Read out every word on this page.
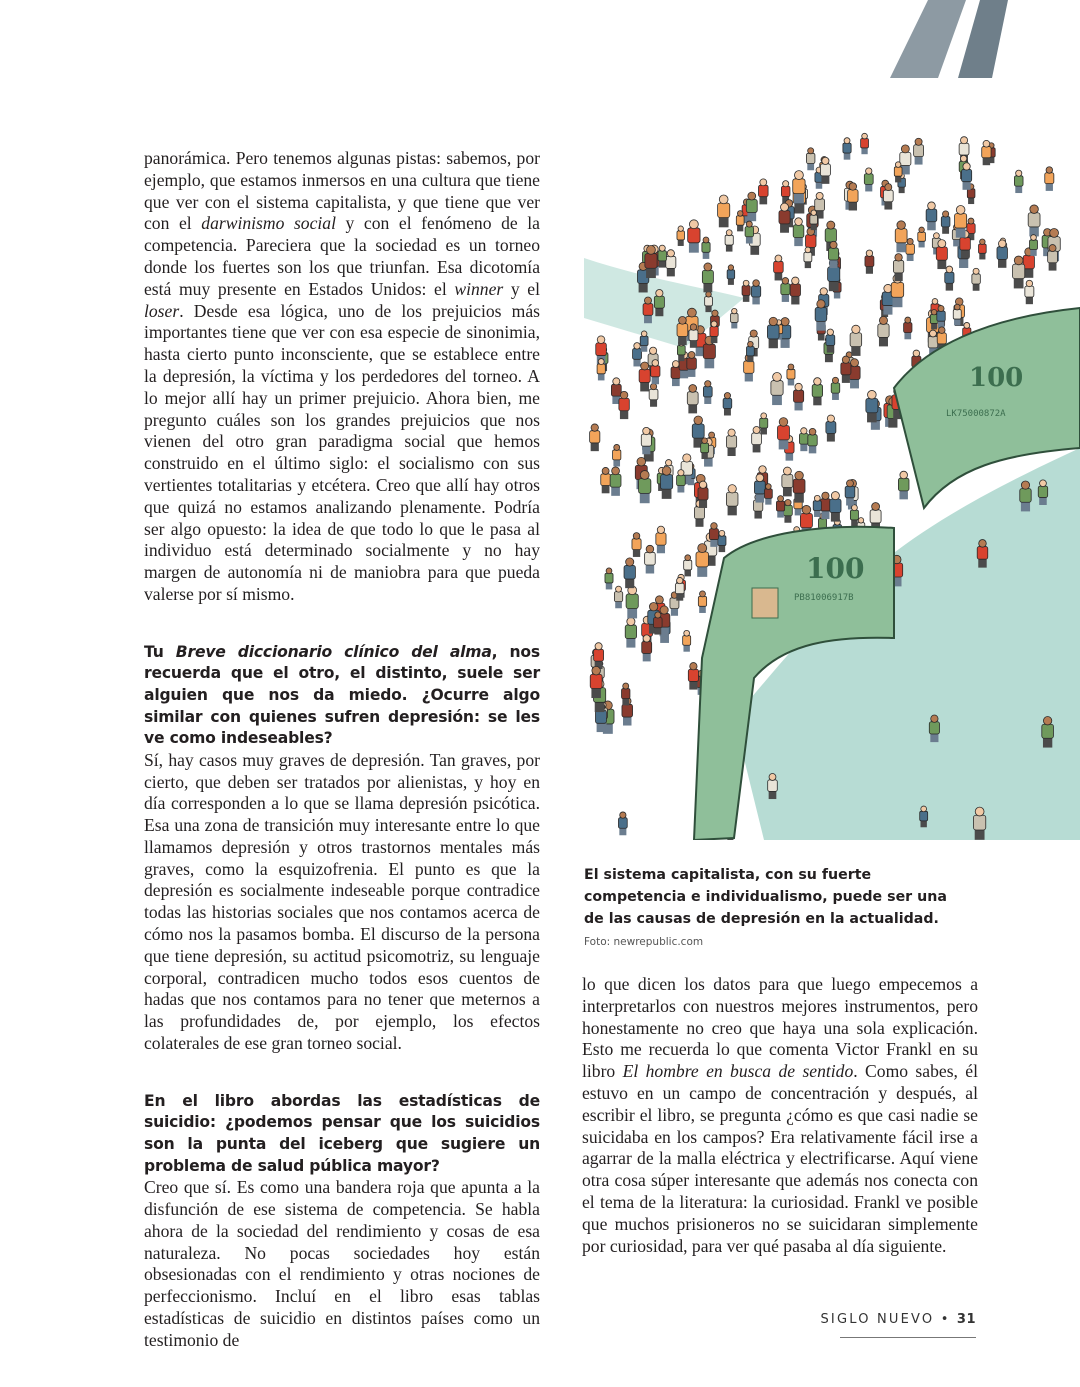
panorámica. Pero tenemos algunas pistas: sabemos, por ejemplo, que estamos inmersos en una cultura que tiene que ver con el sistema capitalista, y que tiene que ver con el darwinismo social y con el fenómeno de la competencia. Pareciera que la sociedad es un torneo donde los fuertes son los que triunfan. Esa dicotomía está muy presente en Estados Unidos: el winner y el loser. Desde esa lógica, uno de los prejuicios más importantes tiene que ver con esa especie de sinonimia, hasta cierto punto inconsciente, que se establece entre la depresión, la víctima y los perdedores del torneo. A lo mejor allí hay un primer prejuicio. Ahora bien, me pregunto cuáles son los grandes prejuicios que nos vienen del otro gran paradigma social que hemos construido en el último siglo: el socialismo con sus vertientes totalitarias y etcétera. Creo que allí hay otros que quizá no estamos analizando plenamente. Podría ser algo opuesto: la idea de que todo lo que le pasa al individuo está determinado socialmente y no hay margen de autonomía ni de maniobra para que pueda valerse por sí mismo.

Tu Breve diccionario clínico del alma, nos recuerda que el otro, el distinto, suele ser alguien que nos da miedo. ¿Ocurre algo similar con quienes sufren depresión: se les ve como indeseables?

Sí, hay casos muy graves de depresión. Tan graves, por cierto, que deben ser tratados por alienistas, y hoy en día corresponden a lo que se llama depresión psicótica. Esa una zona de transición muy interesante entre lo que llamamos depresión y otros trastornos mentales más graves, como la esquizofrenia. El punto es que la depresión es socialmente indeseable porque contradice todas las historias sociales que nos contamos acerca de cómo nos la pasamos bomba. El discurso de la persona que tiene depresión, su actitud psicomotriz, su lenguaje corporal, contradicen mucho todos esos cuentos de hadas que nos contamos para no tener que meternos a las profundidades de, por ejemplo, los efectos colaterales de ese gran torneo social.

En el libro abordas las estadísticas de suicidio: ¿podemos pensar que los suicidios son la punta del iceberg que sugiere un problema de salud pública mayor?

Creo que sí. Es como una bandera roja que apunta a la disfunción de ese sistema de competencia. Se habla ahora de la sociedad del rendimiento y cosas de esa naturaleza. No pocas sociedades hoy están obsesionadas con el rendimiento y otras nociones de perfeccionismo. Incluí en el libro esas tablas estadísticas de suicidio en distintos países como un testimonio de

100
LK75000872A
100
PB81006917B
El sistema capitalista, con su fuerte competencia e individualismo, puede ser una de las causas de depresión en la actualidad. Foto: newrepublic.com

lo que dicen los datos para que luego empecemos a interpretarlos con nuestros mejores instrumentos, pero honestamente no creo que haya una sola explicación. Esto me recuerda lo que comenta Victor Frankl en su libro El hombre en busca de sentido. Como sabes, él estuvo en un campo de concentración y después, al escribir el libro, se pregunta ¿cómo es que casi nadie se suicidaba en los campos? Era relativamente fácil irse a agarrar de la malla eléctrica y electrificarse. Aquí viene otra cosa súper interesante que además nos conecta con el tema de la literatura: la curiosidad. Frankl ve posible que muchos prisioneros no se suicidaran simplemente por curiosidad, para ver qué pasaba al día siguiente.

SIGLO NUEVO • 31
